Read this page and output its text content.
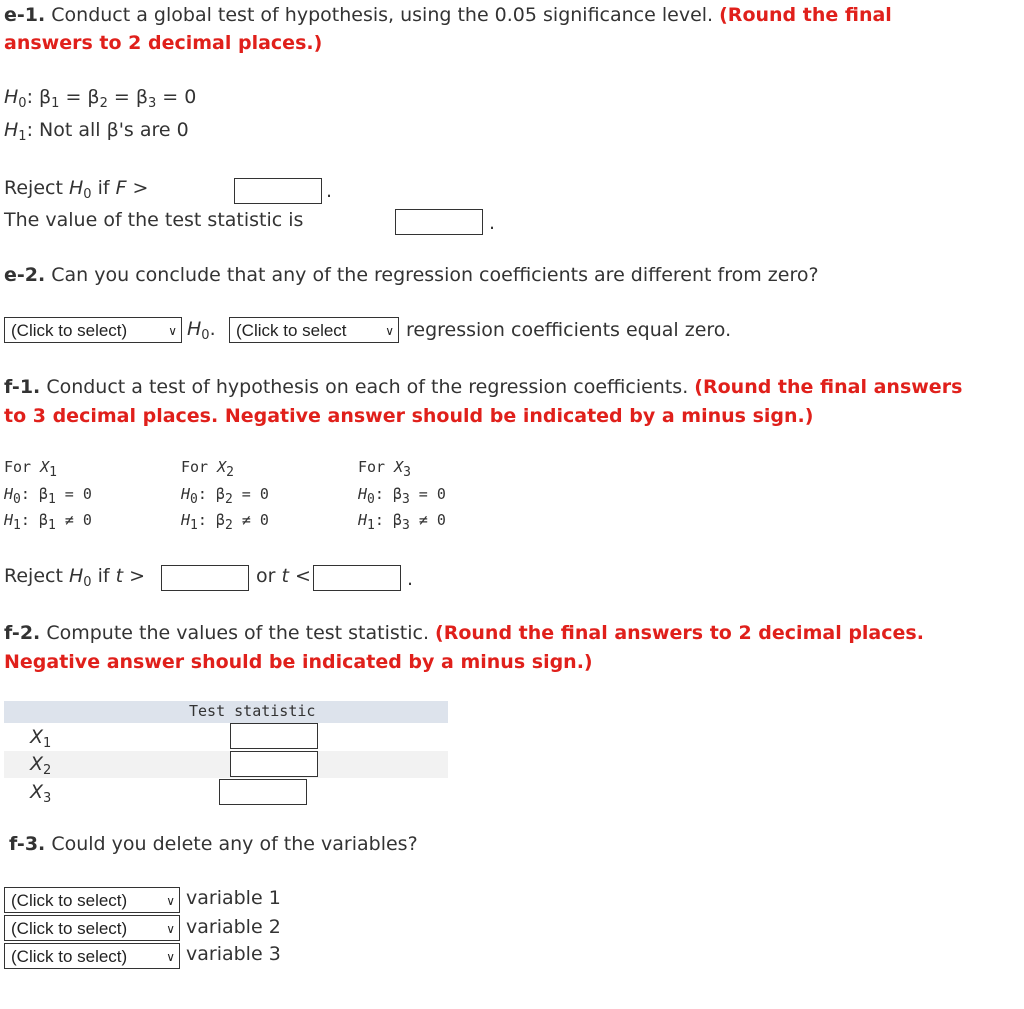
e-1. Conduct a global test of hypothesis, using the 0.05 significance level. (Round the final
answers to 2 decimal places.)
$H_0$: $\beta_1 = \beta_2 = \beta_3 = 0$
$H_1$: Not all β's are 0
Reject $H_0$ if F >	.
The value of the test statistic is	.
e-2. Can you conclude that any of the regression coefficients are different from zero?
(Click to select)	∨ $H_0$. (Click to select	∨ regression coefficients equal zero.
f-1. Conduct a test of hypothesis on each of the regression coefficients. (Round the final answers
to 3 decimal places. Negative answer should be indicated by a minus sign.)
For $X_1$
$H_0$: $\beta_1 = 0$
$H_1$: $\beta_1 \ne 0$
For $X_2$
$H_0$: $\beta_2 = 0$
$H_1$: $\beta_2 \ne 0$
For $X_3$
$H_0$: $\beta_3 = 0$
$H_1$: $\beta_3 \ne 0$
Reject $H_0$ if t >	or t <	.
f-2. Compute the values of the test statistic. (Round the final answers to 2 decimal places.
Negative answer should be indicated by a minus sign.)
Test statistic
$X_1$
$X_2$
$X_3$
f-3. Could you delete any of the variables?
(Click to select)	∨ variable 1
(Click to select)	∨ variable 2
(Click to select)	∨ variable 3
